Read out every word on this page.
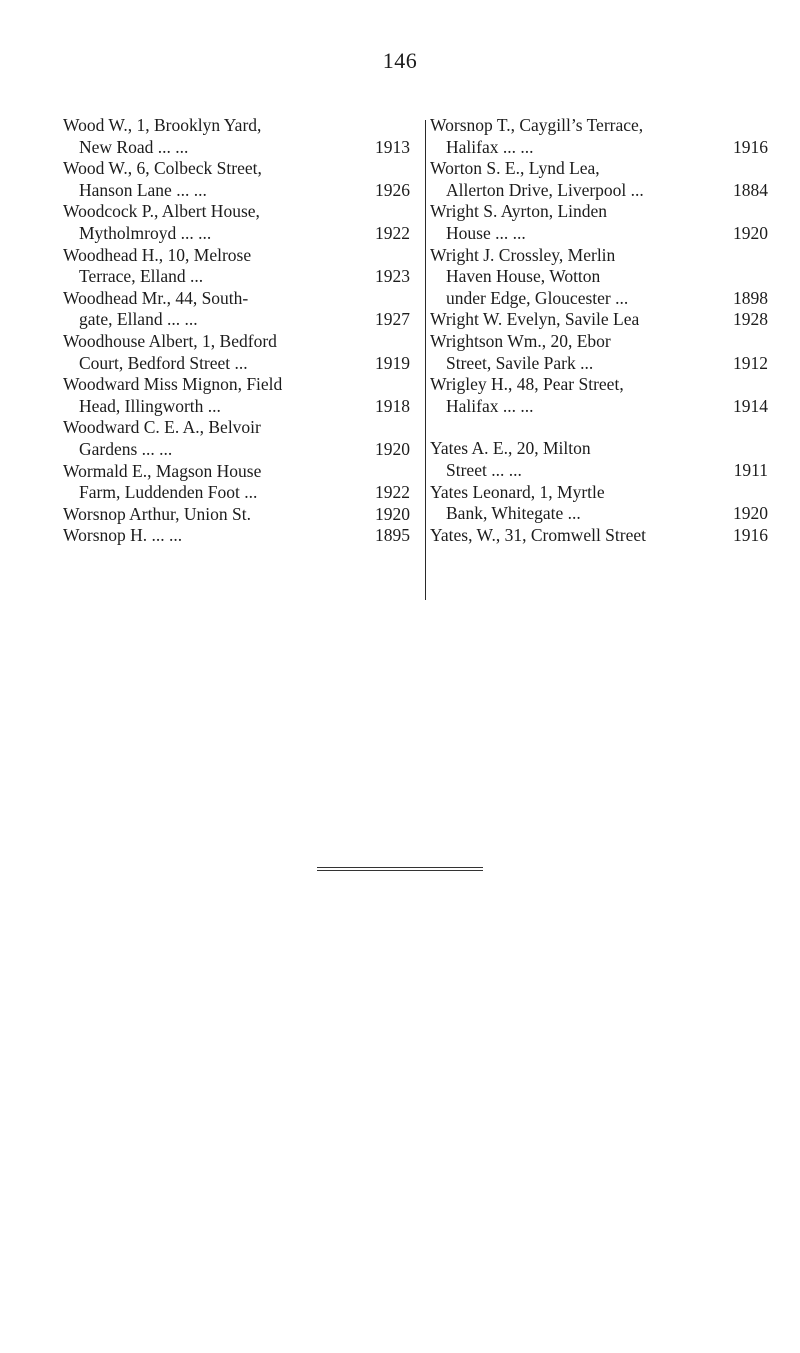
146
Wood W., 1, Brooklyn Yard,
New Road ... ...	1913
Wood W., 6, Colbeck Street,
Hanson Lane ... ...	1926
Woodcock P., Albert House,
Mytholmroyd ... ...	1922
Woodhead H., 10, Melrose
Terrace, Elland ...	1923
Woodhead Mr., 44, South-
gate, Elland ... ...	1927
Woodhouse Albert, 1, Bedford
Court, Bedford Street ...	1919
Woodward Miss Mignon, Field
Head, Illingworth ...	1918
Woodward C. E. A., Belvoir
Gardens ... ...	1920
Wormald E., Magson House
Farm, Luddenden Foot ...	1922
Worsnop Arthur, Union St.	1920
Worsnop H. ... ...	1895
Worsnop T., Caygill’s Terrace,
Halifax ... ...	1916
Worton S. E., Lynd Lea,
Allerton Drive, Liverpool ...	1884
Wright S. Ayrton, Linden
House ... ...	1920
Wright J. Crossley, Merlin
Haven House, Wotton
under Edge, Gloucester ...	1898
Wright W. Evelyn, Savile Lea	1928
Wrightson Wm., 20, Ebor
Street, Savile Park ...	1912
Wrigley H., 48, Pear Street,
Halifax ... ...	1914
Yates A. E., 20, Milton
Street ... ...	1911
Yates Leonard, 1, Myrtle
Bank, Whitegate ...	1920
Yates, W., 31, Cromwell Street	1916
